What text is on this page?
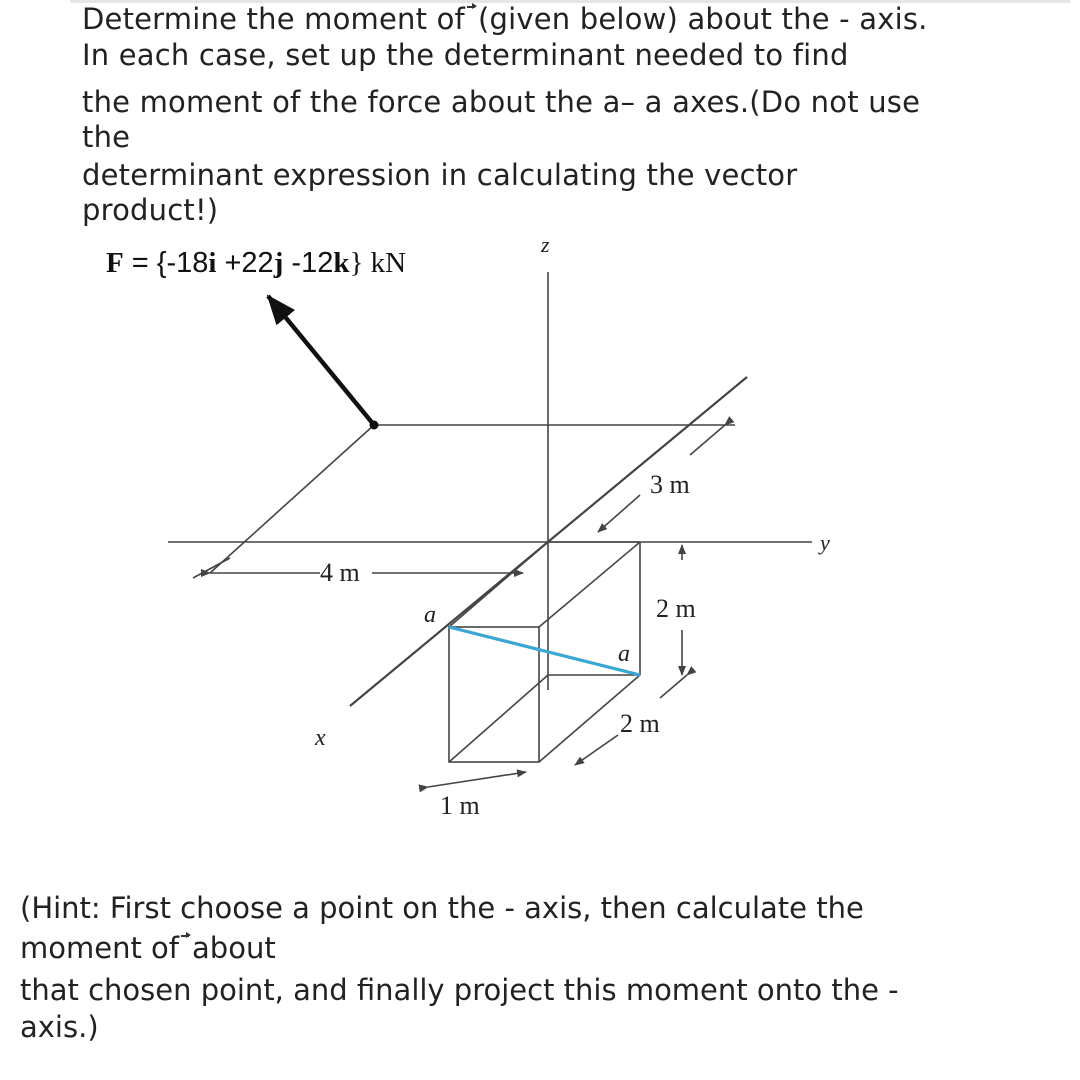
Determine the moment of (given below) about the - axis.
In each case, set up the determinant needed to find
the moment of the force about the a– a axes.(Do not use
the
determinant expression in calculating the vector
product!)
F = {-18i +22j -12k} kN
z
y
x
4 m
3 m
2 m
2 m
1 m
a
a
(Hint: First choose a point on the - axis, then calculate the
moment of about
that chosen point, and finally project this moment onto the -
axis.)
